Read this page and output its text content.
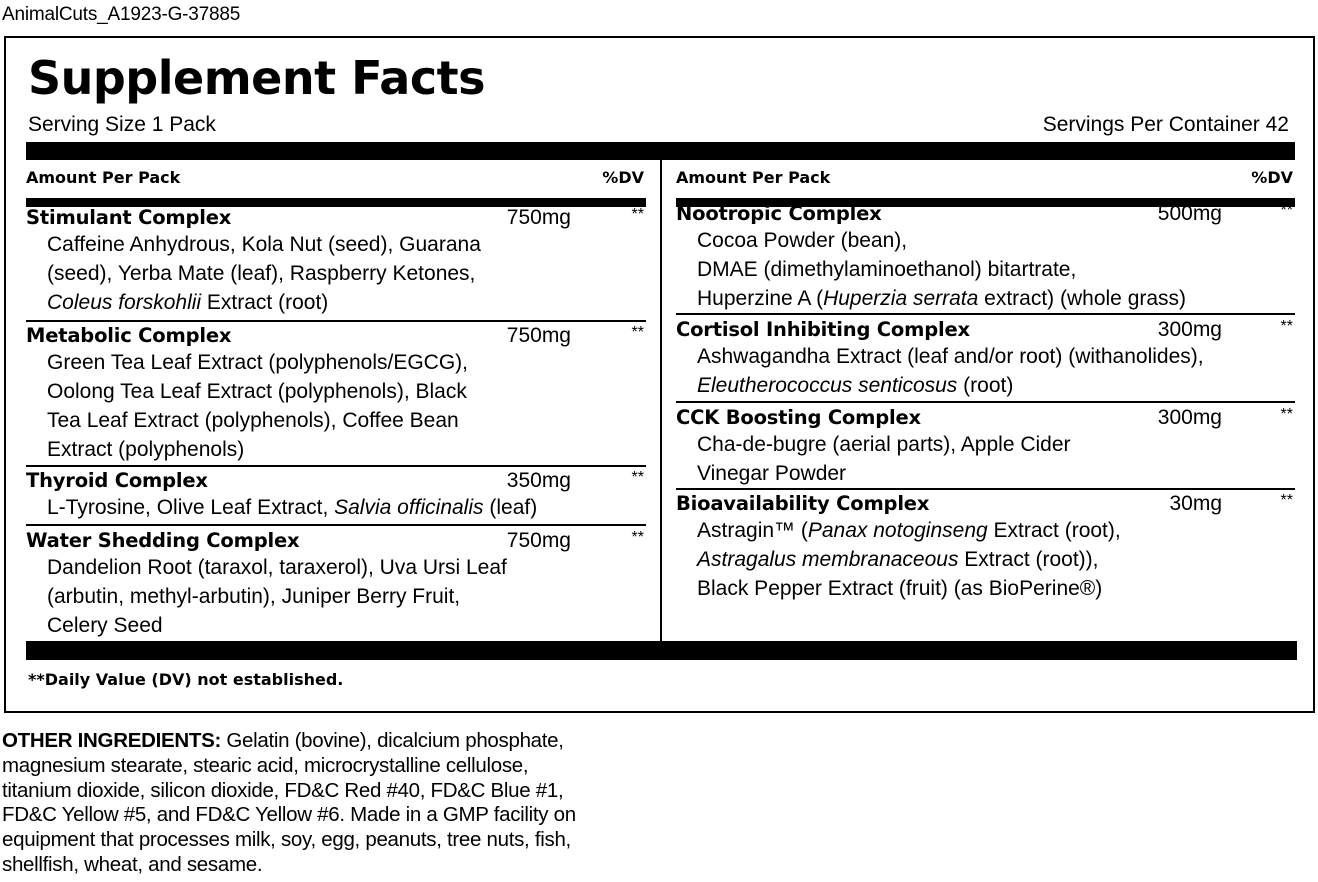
AnimalCuts_A1923-G-37885
Supplement Facts
Serving Size 1 Pack	Servings Per Container 42
Amount Per Pack	%DV
Stimulant Complex	750mg	**
Caffeine Anhydrous, Kola Nut (seed), Guarana
(seed), Yerba Mate (leaf), Raspberry Ketones,
Coleus forskohlii Extract (root)
Metabolic Complex	750mg	**
Green Tea Leaf Extract (polyphenols/EGCG),
Oolong Tea Leaf Extract (polyphenols), Black
Tea Leaf Extract (polyphenols), Coffee Bean
Extract (polyphenols)
Thyroid Complex	350mg	**
L-Tyrosine, Olive Leaf Extract, Salvia officinalis (leaf)
Water Shedding Complex	750mg	**
Dandelion Root (taraxol, taraxerol), Uva Ursi Leaf
(arbutin, methyl-arbutin), Juniper Berry Fruit,
Celery Seed
Amount Per Pack	%DV
Nootropic Complex	500mg	**
Cocoa Powder (bean),
DMAE (dimethylaminoethanol) bitartrate,
Huperzine A (Huperzia serrata extract) (whole grass)
Cortisol Inhibiting Complex	300mg	**
Ashwagandha Extract (leaf and/or root) (withanolides),
Eleutherococcus senticosus (root)
CCK Boosting Complex	300mg	**
Cha-de-bugre (aerial parts), Apple Cider
Vinegar Powder
Bioavailability Complex	30mg	**
Astragin™ (Panax notoginseng Extract (root),
Astragalus membranaceous Extract (root)),
Black Pepper Extract (fruit) (as BioPerine®)
**Daily Value (DV) not established.
OTHER INGREDIENTS: Gelatin (bovine), dicalcium phosphate,
magnesium stearate, stearic acid, microcrystalline cellulose,
titanium dioxide, silicon dioxide, FD&C Red #40, FD&C Blue #1,
FD&C Yellow #5, and FD&C Yellow #6. Made in a GMP facility on
equipment that processes milk, soy, egg, peanuts, tree nuts, fish,
shellfish, wheat, and sesame.
